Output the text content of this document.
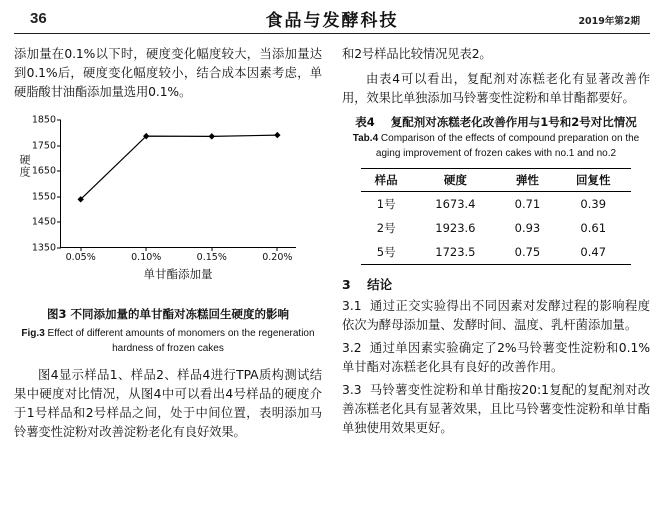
36	食品与发酵科技	2019年第2期

添加量在0.1%以下时，硬度变化幅度较大，当添加量达到0.1%后，硬度变化幅度较小，结合成本因素考虑，单硬脂酸甘油酯添加量选用0.1%。

硬度
1350
1450
1550
1650
1750
1850
0.05%	0.10%	0.15%	0.20%
单甘酯添加量
图3 不同添加量的单甘酯对冻糕回生硬度的影响
Fig.3 Effect of different amounts of monomers on the regeneration hardness of frozen cakes

图4显示样品1、样品2、样品4进行TPA质构测试结果中硬度对比情况，从图4中可以看出4号样品的硬度介于1号样品和2号样品之间，处于中间位置，表明添加马铃薯变性淀粉对改善淀粉老化有良好效果。

和2号样品比较情况见表2。

由表4可以看出，复配剂对冻糕老化有显著改善作用，效果比单独添加马铃薯变性淀粉和单甘酯都要好。

表4 复配剂对冻糕老化改善作用与1号和2号对比情况
Tab.4 Comparison of the effects of compound preparation on the aging improvement of frozen cakes with no.1 and no.2
样品	硬度	弹性	回复性
1号	1673.4	0.71	0.39
2号	1923.6	0.93	0.61
5号	1723.5	0.75	0.47
3 结论

3.1 通过正交实验得出不同因素对发酵过程的影响程度依次为酵母添加量、发酵时间、温度、乳杆菌添加量。

3.2 通过单因素实验确定了2%马铃薯变性淀粉和0.1%单甘酯对冻糕老化具有良好的改善作用。

3.3 马铃薯变性淀粉和单甘酯按20:1复配的复配剂对改善冻糕老化具有显著效果，且比马铃薯变性淀粉和单甘酯单独使用效果更好。
